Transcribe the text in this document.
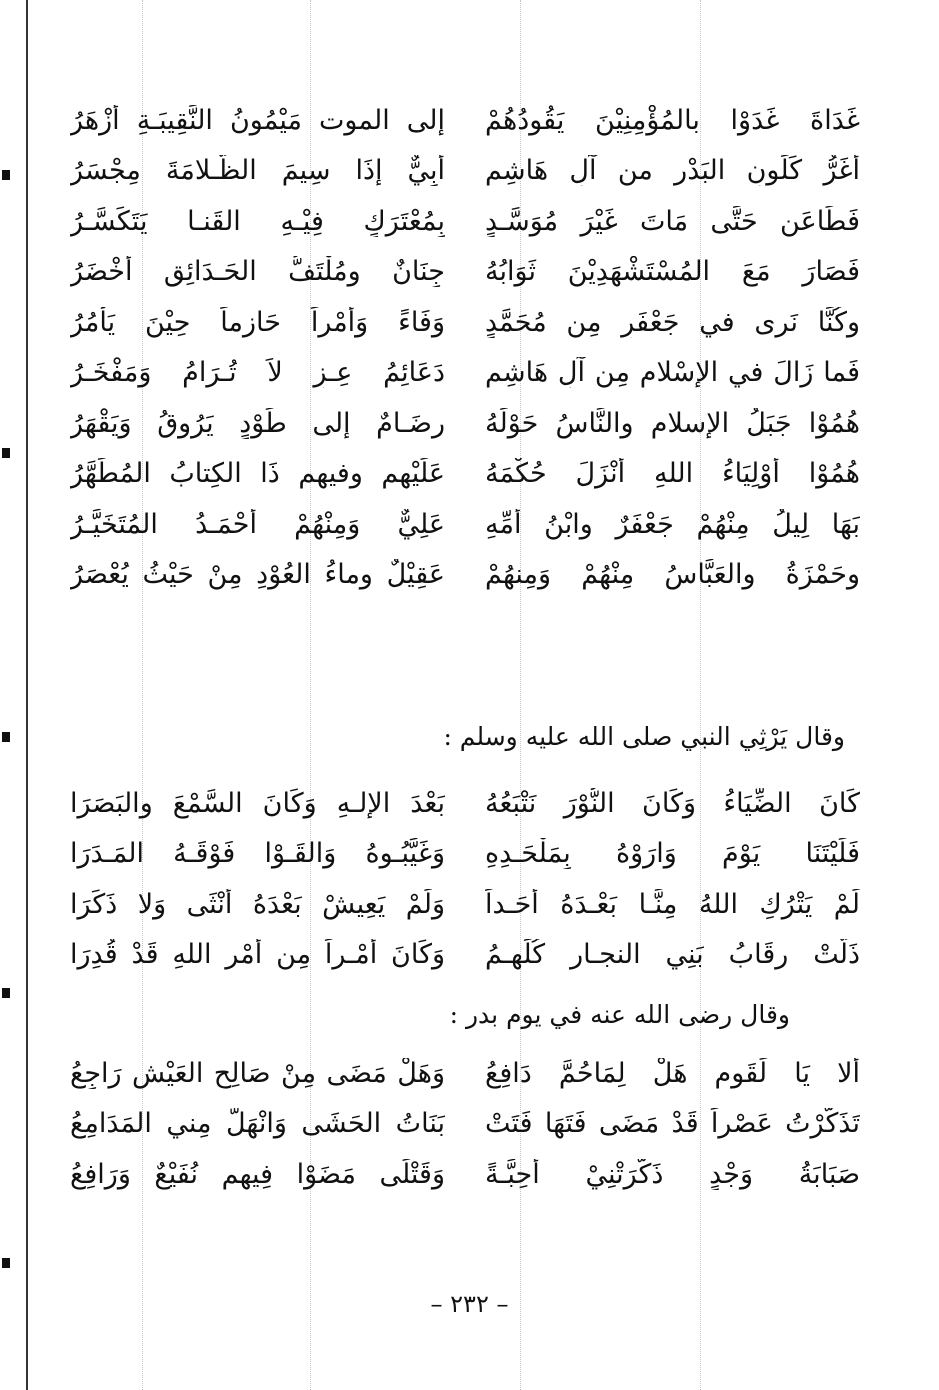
غَدَاةَ غَدَوْا بالمُؤْمِنِيْنَ يَقُودُهُمْ
إلى الموت مَيْمُونُ النَّقِيبَـةِ أزْهَرُ
أغَرُّ كَلَونِ البَدْرِ من آلِ هَاشِمٍ
أبِيٌّ إذَا سِيمَ الظُّـلامَةَ مِجْسَرُ
فَطَاعَن حَتَّى مَاتَ غَيْرَ مُوَسَّـدٍ
بِمُعْتَرَكٍ فِيْـهِ القَنـا يَتَكَسَّـرُ
فَصَارَ مَعَ المُسْتَشْهَدِيْنَ ثَوَابُهُ
جِنَانٌ ومُلْتَفُّ الحَـدَائِقِ أخْضَرُ
وكُنَّا نَرى في جَعْفَرٍ مِن مُحَمَّدٍ
وَفَاءً وَأمْراً حَازِماً حِيْنَ يَأْمُرُ
فَما زَالَ في الإسْلامِ مِن آلِ هَاشِمٍ
دَعَائِمُ عِـزٍ لاَ تُـرَامُ وَمَفْخَـرُ
هُمُوْا جَبَلُ الإسلامِ والنَّاسُ حَوْلَهُ
رِضَـامٌ إلى طَوْدٍ يَرُوقُ وَيَقْهَرُ
هُمُوْا أَوْلِيَاءُ اللهِ أَنْزَلَ حُكْمَهُ
عَلَيْهِم وفيهم ذَا الكِتابُ المُطَهَّرُ
بَهَا لِيلُ مِنْهُمْ جَعْفَرٌ وابْنُ أُمِّهِ
عَلِيٌّ وَمِنْهُمْ أَحْمَـدُ المُتَخَيَّـرُ
وحَمْزَةُ والعَبَّاسُ مِنْهُمْ وَمِنهُمْ
عَقِيْلٌ وماءُ العُوْدِ مِنْ حَيْثُ يُعْصَرُ
وقال يَرْثِي النبي صلى الله عليه وسلم :
كَانَ الضِّيَاءُ وَكَانَ النُّوْرَ نَتْبَعُهُ
بَعْدَ الإلـهِ وَكَانَ السَّمْعَ والبَصَرَا
فَلَيْتَنَا يَوْمَ وَارَوْهُ بِمَلْحَـدِهِ
وَغَيَّبُـوهُ وَالقَـوْا فَوْقَـهُ المَـدَرَا
لَمْ يَتْرُكِ اللهُ مِنَّـا بَعْـدَهُ أَحَـداً
وَلَمْ يَعِيشْ بَعْدَهُ أُنْثَى وَلا ذَكَرَا
ذَلَّتْ رِقَابُ بَنِي النجـارِ كُلِّهِـمُ
وَكَانَ أَمْـراً مِن أَمْرِ اللهِ قَدْ قُدِرَا
وقال رضى الله عنه في يوم بدر :
أَلا يَا لَقَومٍ هَلْ لِمَاحُمَّ دَافِعُ
وَهَلْ مَضَى مِنْ صَالِحِ العَيْشِ رَاجِعُ
تَذَكَّرْتُ عَصْراً قَدْ مَضَى فَتَهَا فَتَتْ
بَنَاتُ الحَشَى وَانْهَلَّ مِني المَدَامِعُ
صَبَابَةُ وَجْدٍ ذَكَّرَتْنِيْ أَحِبَّـةً
وَقَتْلَى مَضَوْا فِيهم نُفَيْعٌ وَرَافِعُ
– ٢٣٢ –
